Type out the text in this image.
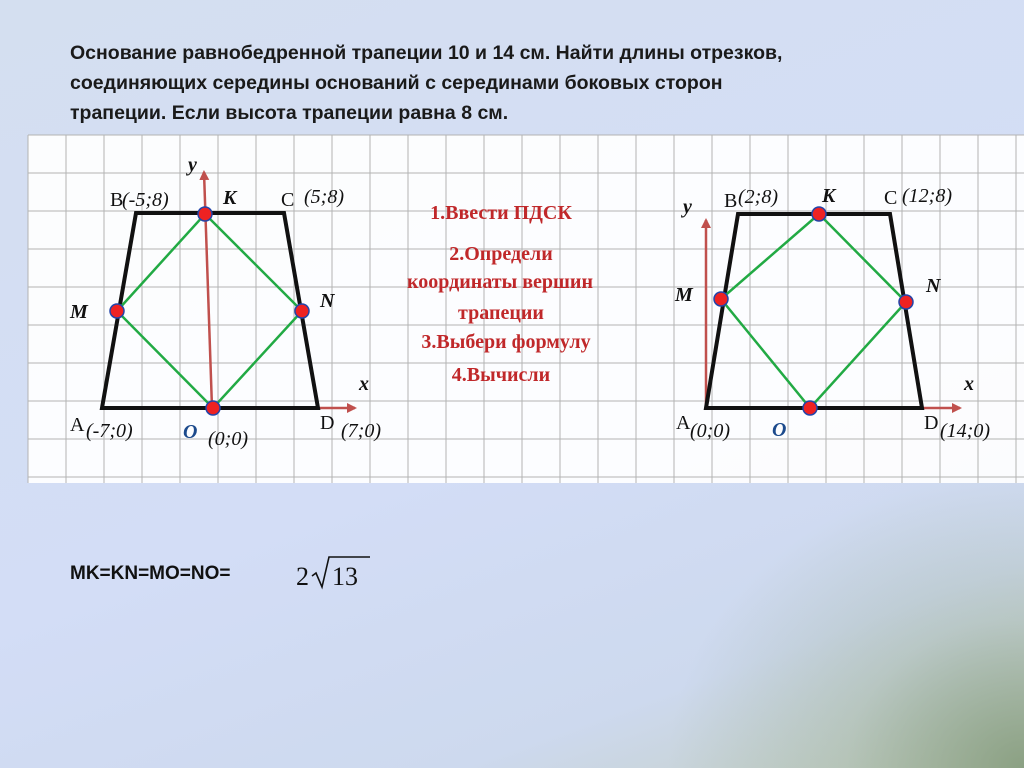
Основание равнобедренной трапеции 10 и 14 см. Найти длины отрезков,
соединяющих середины оснований с серединами боковых сторон
трапеции. Если высота трапеции равна 8 см.
y
x
B
(-5;8)	K C (5;8)
M	N
A (-7;0)	O (0;0)
D (7;0)
y
x
B (2;8) K C (12;8)
M	N
A (0;0) O	D (14;0)
1.Ввести ПДСК
2.Определи
координаты вершин
трапеции
3.Выбери формулу
4.Вычисли
MK=KN=MO=NO=	2 13
